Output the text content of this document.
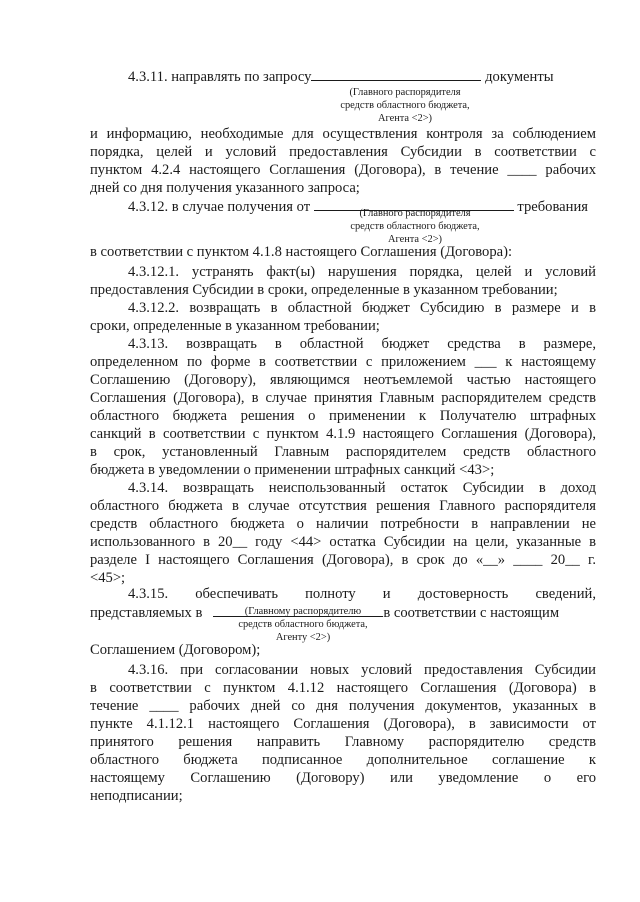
4.3.11. направлять по запросу	документы
(Главного распорядителя
средств областного бюджета,
Агента <2>)
и информацию, необходимые для осуществления контроля за соблюдением
порядка, целей и условий предоставления Субсидии в соответствии с
пунктом 4.2.4 настоящего Соглашения (Договора), в течение ____ рабочих
дней со дня получения указанного запроса;
4.3.12. в случае получения от	требования
(Главного распорядителя
средств областного бюджета,
Агента <2>)
в соответствии с пунктом 4.1.8 настоящего Соглашения (Договора):
4.3.12.1. устранять факт(ы) нарушения порядка, целей и условий
предоставления Субсидии в сроки, определенные в указанном требовании;
4.3.12.2. возвращать в областной бюджет Субсидию в размере и в
сроки, определенные в указанном требовании;
4.3.13. возвращать в областной бюджет средства в размере,
определенном по форме в соответствии с приложением ___ к настоящему
Соглашению (Договору), являющимся неотъемлемой частью настоящего
Соглашения (Договора), в случае принятия Главным распорядителем средств
областного бюджета решения о применении к Получателю штрафных
санкций в соответствии с пунктом 4.1.9 настоящего Соглашения (Договора),
в срок, установленный Главным распорядителем средств областного
бюджета в уведомлении о применении штрафных санкций <43>;
4.3.14. возвращать неиспользованный остаток Субсидии в доход
областного бюджета в случае отсутствия решения Главного распорядителя
средств областного бюджета о наличии потребности в направлении не
использованного в 20__ году <44> остатка Субсидии на цели, указанные в
разделе I настоящего Соглашения (Договора), в срок до «__» ____ 20__ г.
<45>;
4.3.15. обеспечивать полноту и достоверность сведений,
представляемых в	в соответствии с настоящим
(Главному распорядителю
средств областного бюджета,
Агенту <2>)
Соглашением (Договором);
4.3.16. при согласовании новых условий предоставления Субсидии
в соответствии с пунктом 4.1.12 настоящего Соглашения (Договора) в
течение ____ рабочих дней со дня получения документов, указанных в
пункте 4.1.12.1 настоящего Соглашения (Договора), в зависимости от
принятого решения направить Главному распорядителю средств
областного бюджета подписанное дополнительное соглашение к
настоящему Соглашению (Договору) или уведомление о его
неподписании;
